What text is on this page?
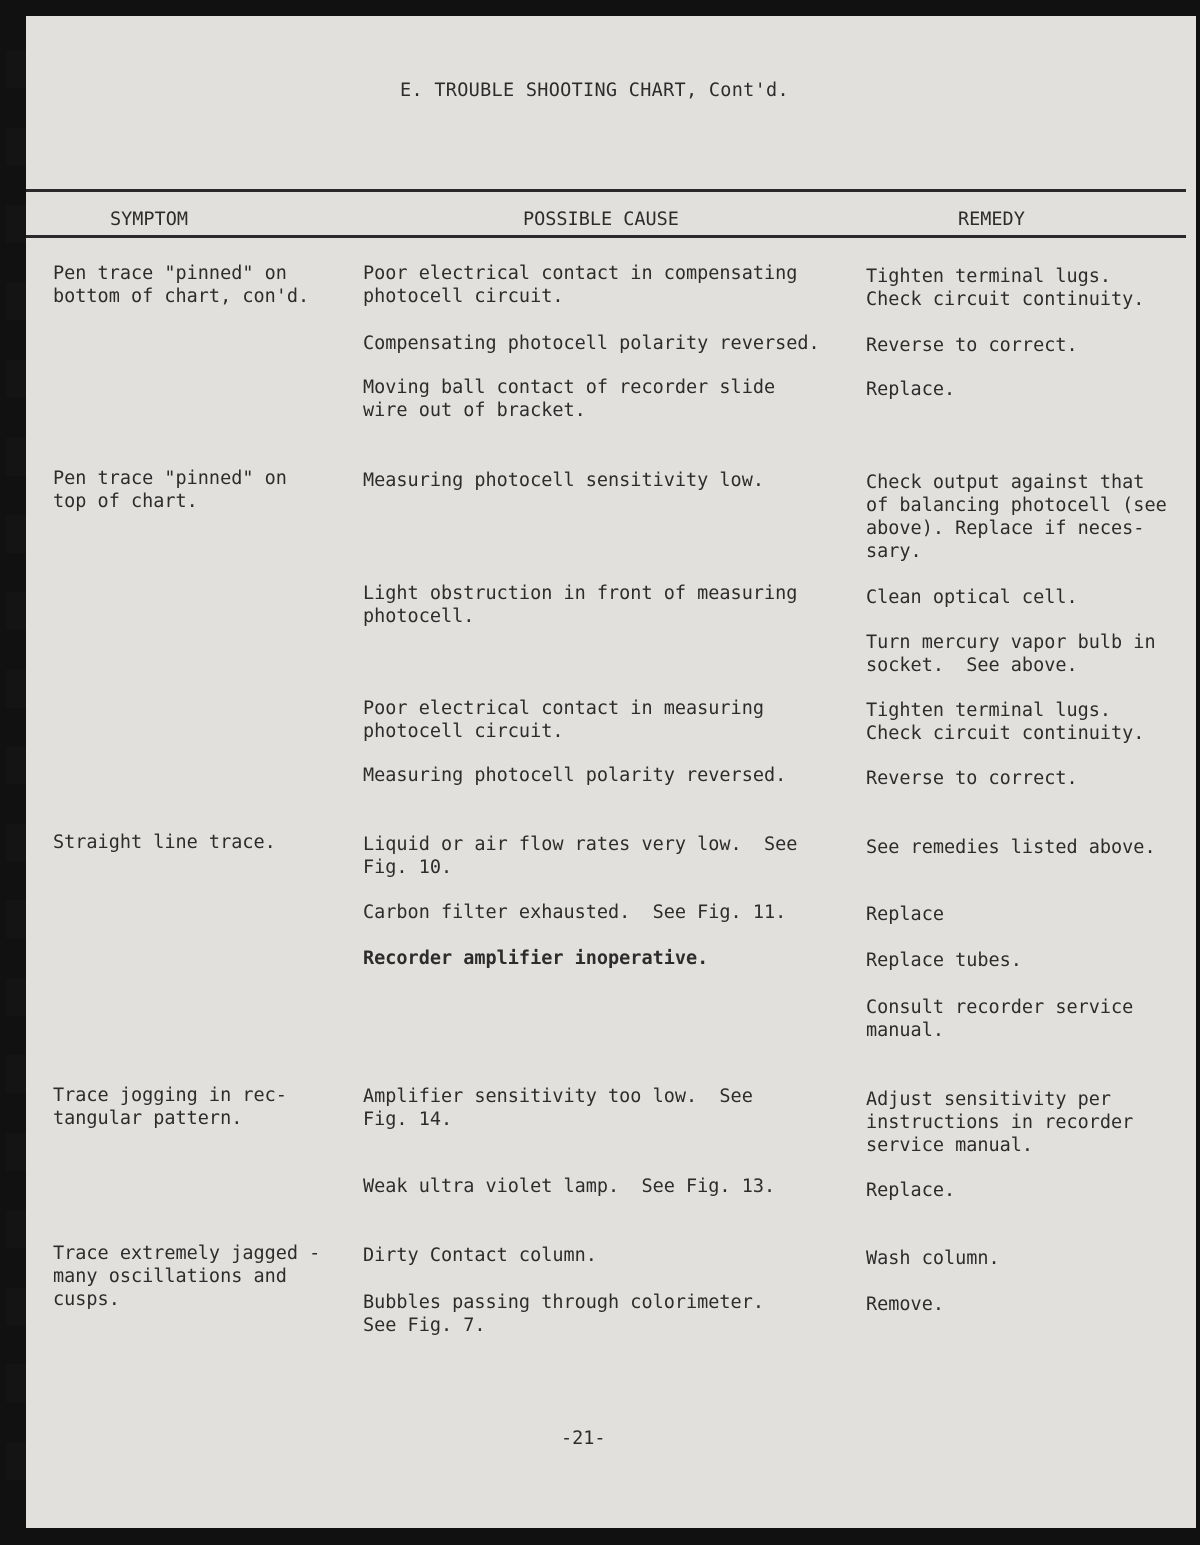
E. TROUBLE SHOOTING CHART, Cont'd.
SYMPTOM	POSSIBLE CAUSE	REMEDY
Pen trace "pinned" on
bottom of chart, con'd.
Pen trace "pinned" on
top of chart.
Straight line trace.
Trace jogging in rec-
tangular pattern.
Trace extremely jagged -
many oscillations and
cusps.
Poor electrical contact in compensating
photocell circuit.
Compensating photocell polarity reversed.
Moving ball contact of recorder slide
wire out of bracket.
Measuring photocell sensitivity low.
Light obstruction in front of measuring
photocell.
Poor electrical contact in measuring
photocell circuit.
Measuring photocell polarity reversed.
Liquid or air flow rates very low.  See
Fig. 10.
Carbon filter exhausted.  See Fig. 11.
Recorder amplifier inoperative.
Amplifier sensitivity too low.  See
Fig. 14.
Weak ultra violet lamp.  See Fig. 13.
Dirty Contact column.
Bubbles passing through colorimeter.
See Fig. 7.
Tighten terminal lugs.
Check circuit continuity.
Reverse to correct.
Replace.
Check output against that
of balancing photocell (see
above). Replace if neces-
sary.
Clean optical cell.
Turn mercury vapor bulb in
socket.  See above.
Tighten terminal lugs.
Check circuit continuity.
Reverse to correct.
See remedies listed above.
Replace
Replace tubes.
Consult recorder service
manual.
Adjust sensitivity per
instructions in recorder
service manual.
Replace.
Wash column.
Remove.
-21-
